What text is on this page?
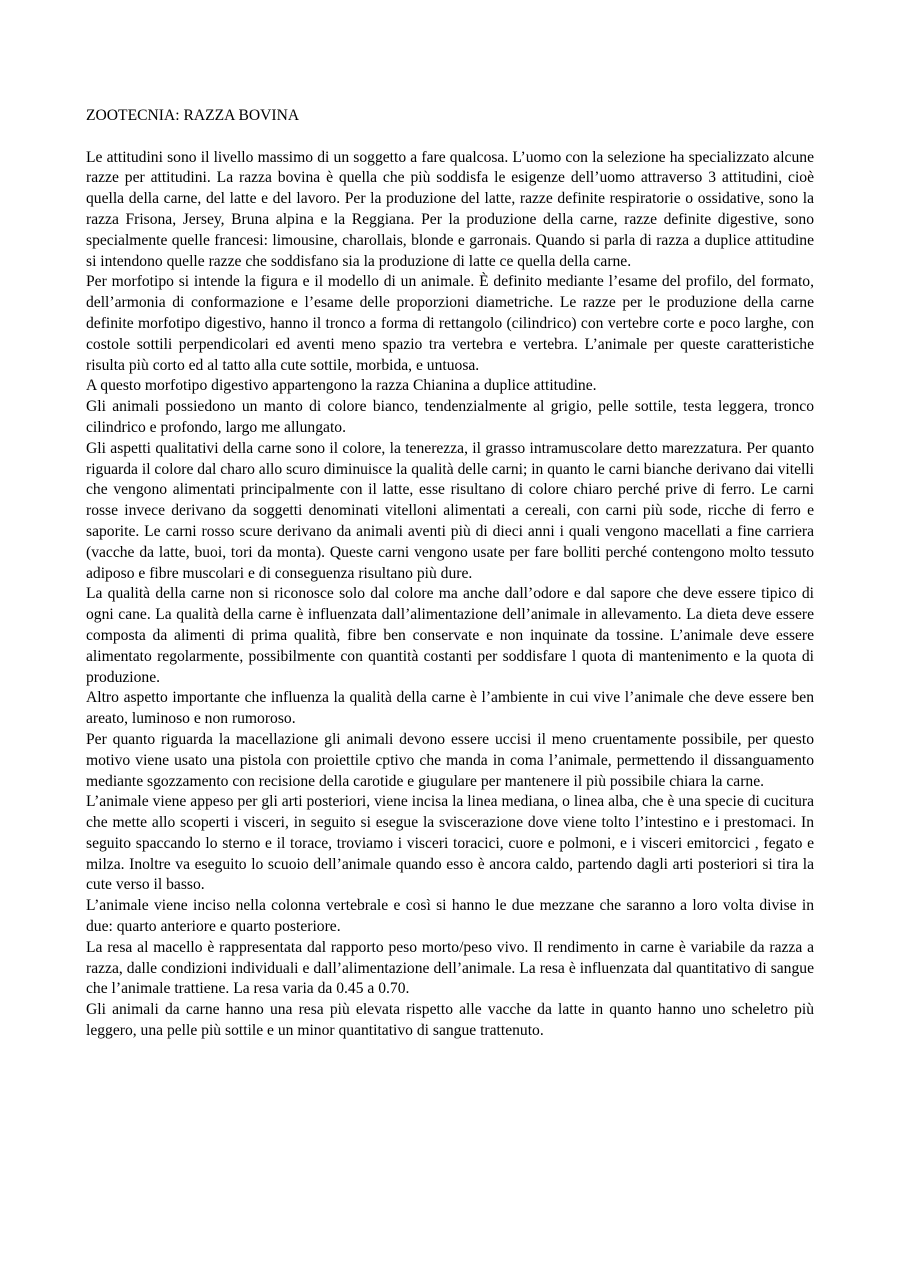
ZOOTECNIA: RAZZA BOVINA

Le attitudini sono il livello massimo di un soggetto a fare qualcosa. L’uomo con la selezione ha specializzato alcune razze per attitudini. La razza bovina è quella che più soddisfa le esigenze dell’uomo attraverso 3 attitudini, cioè quella della carne, del latte e del lavoro. Per la produzione del latte, razze definite respiratorie o ossidative, sono la razza Frisona, Jersey, Bruna alpina e la Reggiana. Per la produzione della carne, razze definite digestive, sono specialmente quelle francesi: limousine, charollais, blonde e garronais. Quando si parla di razza a duplice attitudine si intendono quelle razze che soddisfano sia la produzione di latte ce quella della carne.

Per morfotipo si intende la figura e il modello di un animale. È definito mediante l’esame del profilo, del formato, dell’armonia di conformazione e l’esame delle proporzioni diametriche. Le razze per le produzione della carne definite morfotipo digestivo, hanno il tronco a forma di rettangolo (cilindrico) con vertebre corte e poco larghe, con costole sottili perpendicolari ed aventi meno spazio tra vertebra e vertebra. L’animale per queste caratteristiche risulta più corto ed al tatto alla cute sottile, morbida, e untuosa.

A questo morfotipo digestivo appartengono la razza Chianina a duplice attitudine.

Gli animali possiedono un manto di colore bianco, tendenzialmente al grigio, pelle sottile, testa leggera, tronco cilindrico e profondo, largo me allungato.

Gli aspetti qualitativi della carne sono il colore, la tenerezza, il grasso intramuscolare detto marezzatura. Per quanto riguarda il colore dal charo allo scuro diminuisce la qualità delle carni; in quanto le carni bianche derivano dai vitelli che vengono alimentati principalmente con il latte, esse risultano di colore chiaro perché prive di ferro. Le carni rosse invece derivano da soggetti denominati vitelloni alimentati a cereali, con carni più sode, ricche di ferro e saporite. Le carni rosso scure derivano da animali aventi più di dieci anni i quali vengono macellati a fine carriera (vacche da latte, buoi, tori da monta). Queste carni vengono usate per fare bolliti perché contengono molto tessuto adiposo e fibre muscolari e di conseguenza risultano più dure.

La qualità della carne non si riconosce solo dal colore ma anche dall’odore e dal sapore che deve essere tipico di ogni cane. La qualità della carne è influenzata dall’alimentazione dell’animale in allevamento. La dieta deve essere composta da alimenti di prima qualità, fibre ben conservate e non inquinate da tossine. L’animale deve essere alimentato regolarmente, possibilmente con quantità costanti per soddisfare l quota di mantenimento e la quota di produzione.

Altro aspetto importante che influenza la qualità della carne è l’ambiente in cui vive l’animale che deve essere ben areato, luminoso e non rumoroso.

Per quanto riguarda la macellazione gli animali devono essere uccisi il meno cruentamente possibile, per questo motivo viene usato una pistola con proiettile cptivo che manda in coma l’animale, permettendo il dissanguamento mediante sgozzamento con recisione della carotide e giugulare per mantenere il più possibile chiara la carne.

L’animale viene appeso per gli arti posteriori, viene incisa la linea mediana, o linea alba, che è una specie di cucitura che mette allo scoperti i visceri, in seguito si esegue la sviscerazione dove viene tolto l’intestino e i prestomaci. In seguito spaccando lo sterno e il torace, troviamo i visceri toracici, cuore e polmoni, e i visceri emitorcici , fegato e milza. Inoltre va eseguito lo scuoio dell’animale quando esso è ancora caldo, partendo dagli arti posteriori si tira la cute verso il basso.

L’animale viene inciso nella colonna vertebrale e così si hanno le due mezzane che saranno a loro volta divise in due: quarto anteriore e quarto posteriore.

La resa al macello è rappresentata dal rapporto peso morto/peso vivo. Il rendimento in carne è variabile da razza a razza, dalle condizioni individuali e dall’alimentazione dell’animale. La resa è influenzata dal quantitativo di sangue che l’animale trattiene. La resa varia da 0.45 a 0.70.

Gli animali da carne hanno una resa più elevata rispetto alle vacche da latte in quanto hanno uno scheletro più leggero, una pelle più sottile e un minor quantitativo di sangue trattenuto.
